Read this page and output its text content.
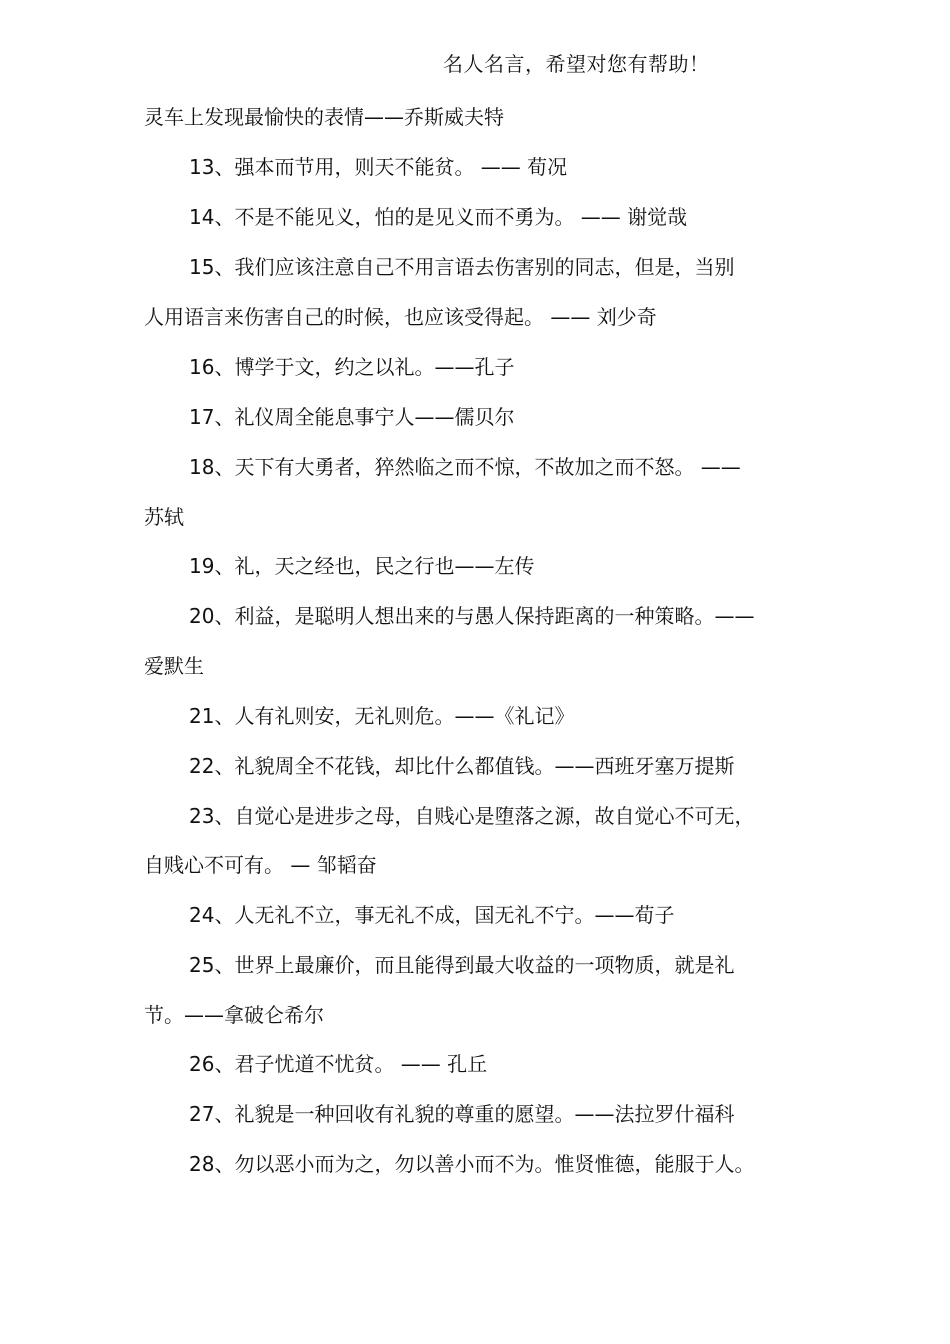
名人名言，希望对您有帮助！
灵车上发现最愉快的表情——乔斯威夫特
13、强本而节用，则天不能贫。 —— 荀况
14、不是不能见义，怕的是见义而不勇为。 —— 谢觉哉
15、我们应该注意自己不用言语去伤害别的同志，但是，当别
人用语言来伤害自己的时候，也应该受得起。 —— 刘少奇
16、博学于文，约之以礼。——孔子
17、礼仪周全能息事宁人——儒贝尔
18、天下有大勇者，猝然临之而不惊，不故加之而不怒。 ——
苏轼
19、礼，天之经也，民之行也——左传
20、利益，是聪明人想出来的与愚人保持距离的一种策略。——
爱默生
21、人有礼则安，无礼则危。——《礼记》
22、礼貌周全不花钱，却比什么都值钱。——西班牙塞万提斯
23、自觉心是进步之母，自贱心是堕落之源，故自觉心不可无，
自贱心不可有。 — 邹韬奋
24、人无礼不立，事无礼不成，国无礼不宁。——荀子
25、世界上最廉价，而且能得到最大收益的一项物质，就是礼
节。——拿破仑希尔
26、君子忧道不忧贫。 —— 孔丘
27、礼貌是一种回收有礼貌的尊重的愿望。——法拉罗什福科
28、勿以恶小而为之，勿以善小而不为。惟贤惟德，能服于人。
